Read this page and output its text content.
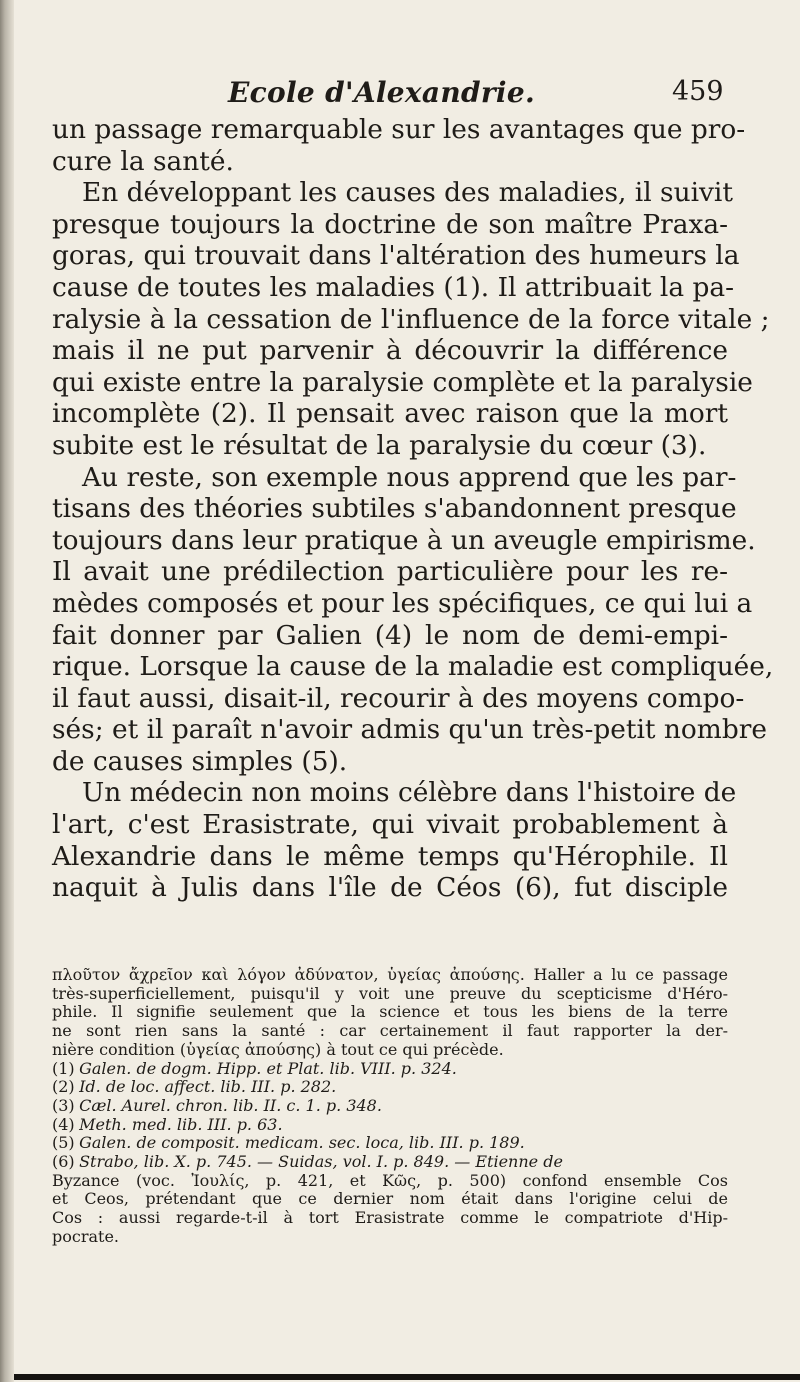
Ecole d'Alexandrie.	459
un passage remarquable sur les avantages que pro-
cure la santé.
En développant les causes des maladies, il suivit
presque toujours la doctrine de son maître Praxa-
goras, qui trouvait dans l'altération des humeurs la
cause de toutes les maladies (1). Il attribuait la pa-
ralysie à la cessation de l'influence de la force vitale ;
mais il ne put parvenir à découvrir la différence
qui existe entre la paralysie complète et la paralysie
incomplète (2). Il pensait avec raison que la mort
subite est le résultat de la paralysie du cœur (3).
Au reste, son exemple nous apprend que les par-
tisans des théories subtiles s'abandonnent presque
toujours dans leur pratique à un aveugle empirisme.
Il avait une prédilection particulière pour les re-
mèdes composés et pour les spécifiques, ce qui lui a
fait donner par Galien (4) le nom de demi-empi-
rique. Lorsque la cause de la maladie est compliquée,
il faut aussi, disait-il, recourir à des moyens compo-
sés; et il paraît n'avoir admis qu'un très-petit nombre
de causes simples (5).
Un médecin non moins célèbre dans l'histoire de
l'art, c'est Erasistrate, qui vivait probablement à
Alexandrie dans le même temps qu'Hérophile. Il
naquit à Julis dans l'île de Céos (6), fut disciple
πλοῦτον ἄχρεῖον καὶ λόγον ἀδύνατον, ὑγείας ἀπούσης. Haller a lu ce passage
très-superficiellement, puisqu'il y voit une preuve du scepticisme d'Héro-
phile. Il signifie seulement que la science et tous les biens de la terre
ne sont rien sans la santé : car certainement il faut rapporter la der-
nière condition (ὑγείας ἀπούσης) à tout ce qui précède.
(1) Galen. de dogm. Hipp. et Plat. lib. VIII. p. 324.
(2) Id. de loc. affect. lib. III. p. 282.
(3) Cæl. Aurel. chron. lib. II. c. 1. p. 348.
(4) Meth. med. lib. III. p. 63.
(5) Galen. de composit. medicam. sec. loca, lib. III. p. 189.
(6) Strabo, lib. X. p. 745. — Suidas, vol. I. p. 849. — Etienne de
Byzance (voc. Ἰουλίς, p. 421, et Κῶς, p. 500) confond ensemble Cos
et Ceos, prétendant que ce dernier nom était dans l'origine celui de
Cos : aussi regarde-t-il à tort Erasistrate comme le compatriote d'Hip-
pocrate.
